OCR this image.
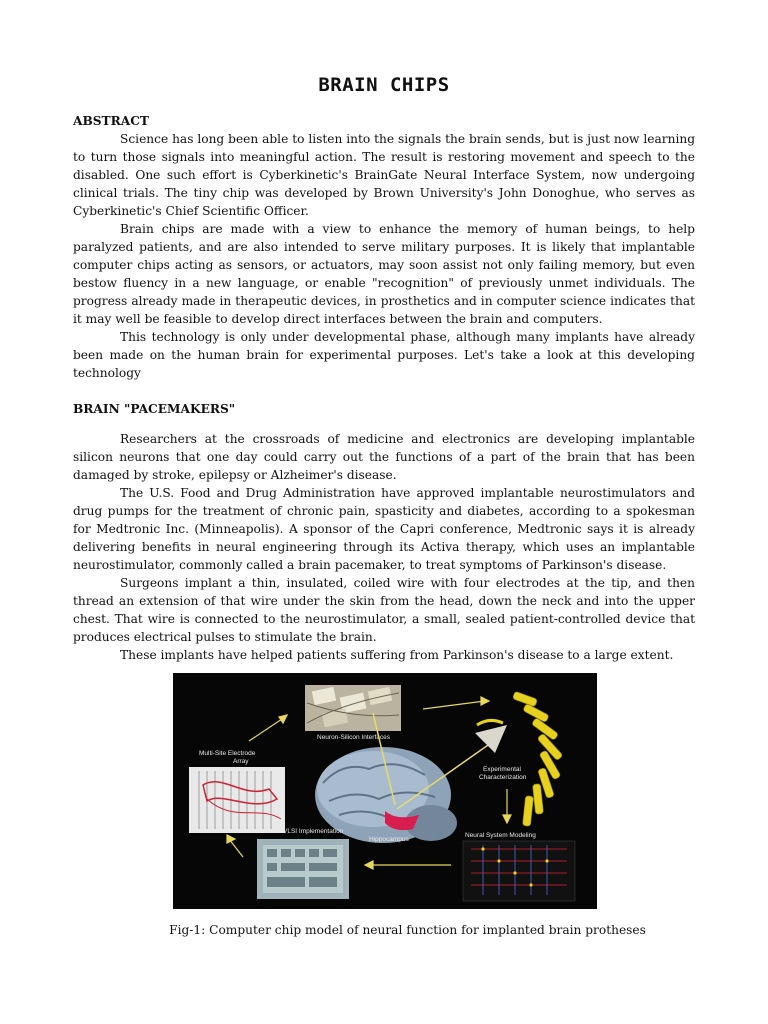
BRAIN CHIPS
ABSTRACT

Science has long been able to listen into the signals the brain sends, but is just now learning to turn those signals into meaningful action. The result is restoring movement and speech to the disabled. One such effort is Cyberkinetic's BrainGate Neural Interface System, now undergoing clinical trials. The tiny chip was developed by Brown University's John Donoghue, who serves as Cyberkinetic's Chief Scientific Officer.

Brain chips are made with a view to enhance the memory of human beings, to help paralyzed patients, and are also intended to serve military purposes. It is likely that implantable computer chips acting as sensors, or actuators, may soon assist not only failing memory, but even bestow fluency in a new language, or enable "recognition" of previously unmet individuals. The progress already made in therapeutic devices, in prosthetics and in computer science indicates that it may well be feasible to develop direct interfaces between the brain and computers.

This technology is only under developmental phase, although many implants have already been made on the human brain for experimental purposes. Let's take a look at this developing technology

BRAIN "PACEMAKERS"

Researchers at the crossroads of medicine and electronics are developing implantable silicon neurons that one day could carry out the functions of a part of the brain that has been damaged by stroke, epilepsy or Alzheimer's disease.

The U.S. Food and Drug Administration have approved implantable neurostimulators and drug pumps for the treatment of chronic pain, spasticity and diabetes, according to a spokesman for Medtronic Inc. (Minneapolis). A sponsor of the Capri conference, Medtronic says it is already delivering benefits in neural engineering through its Activa therapy, which uses an implantable neurostimulator, commonly called a brain pacemaker, to treat symptoms of Parkinson's disease.

Surgeons implant a thin, insulated, coiled wire with four electrodes at the tip, and then thread an extension of that wire under the skin from the head, down the neck and into the upper chest. That wire is connected to the neurostimulator, a small, sealed patient-controlled device that produces electrical pulses to stimulate the brain.

These implants have helped patients suffering from Parkinson's disease to a large extent.

Neuron-Silicon Interfaces
Multi-Site Electrode
Array
Hippocampus
Experimental
Characterization
VLSI Implementation
Neural System Modeling

Fig-1: Computer chip model of neural function for implanted brain protheses
